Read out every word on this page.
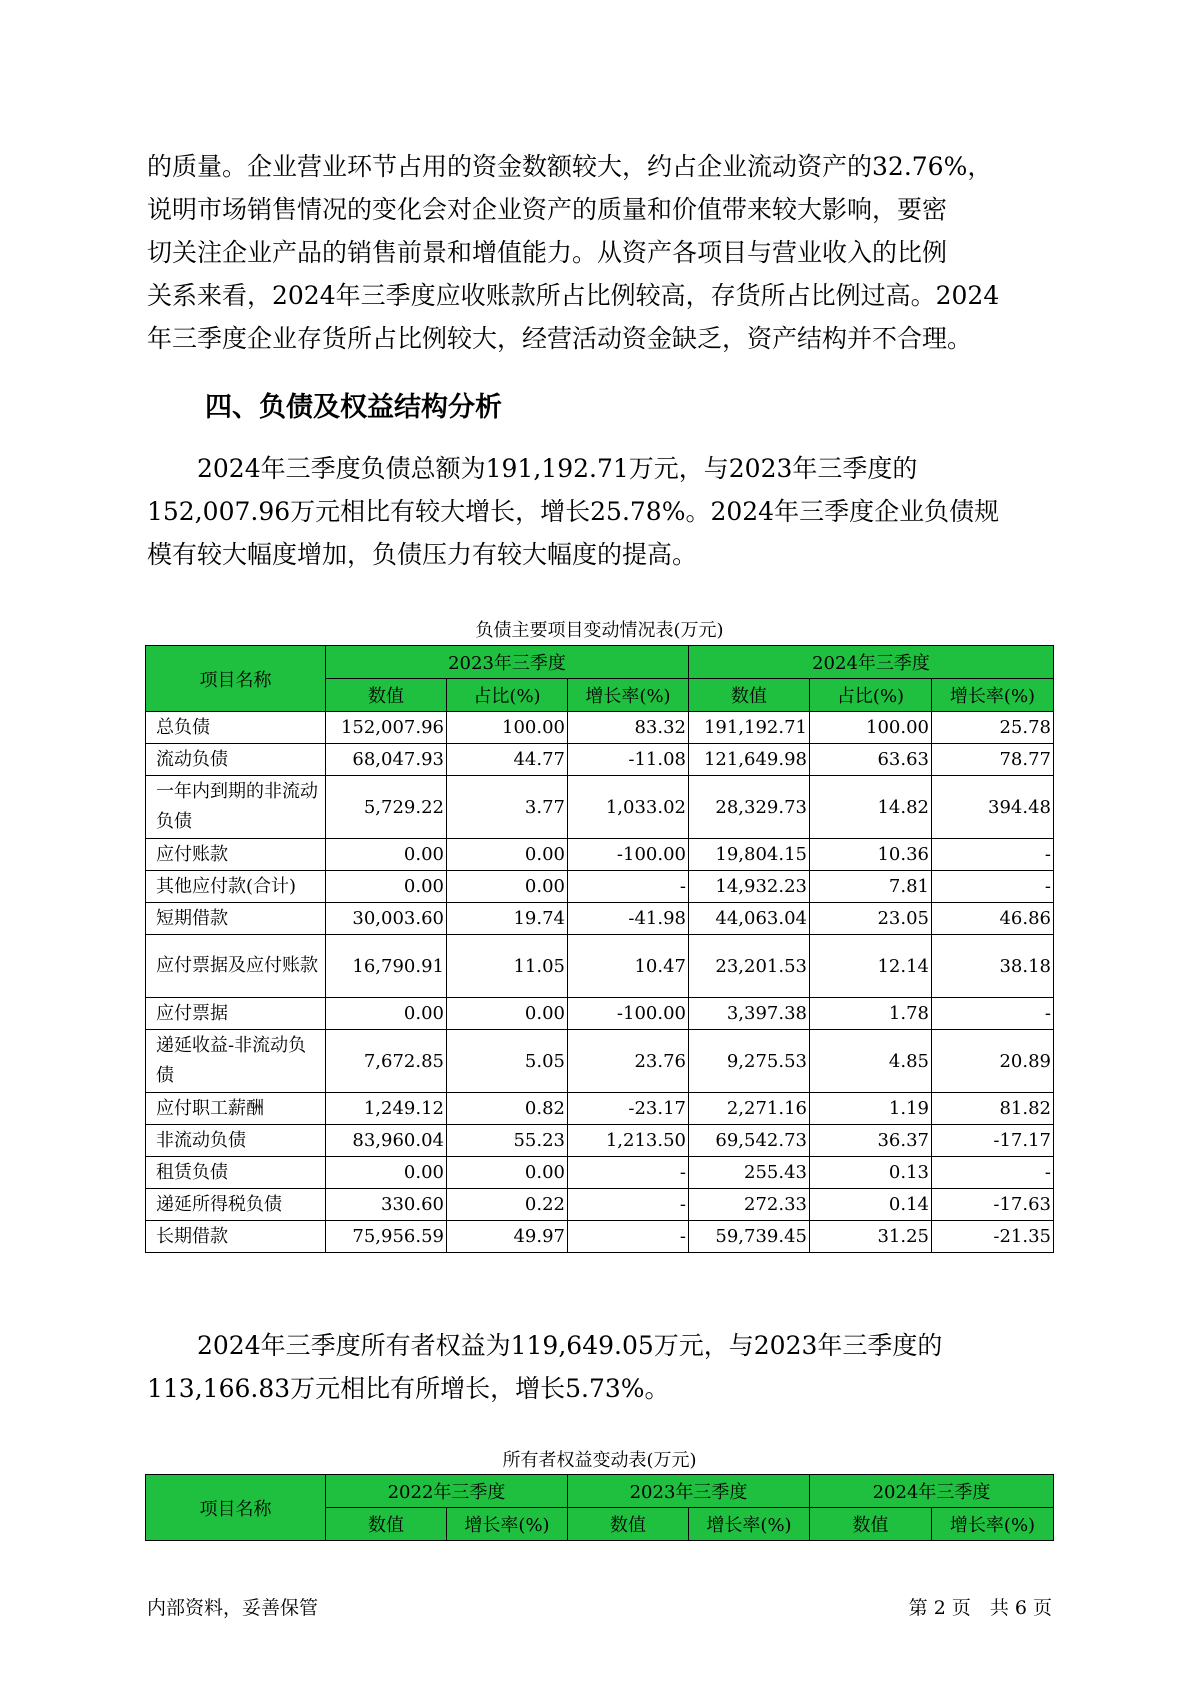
的质量。企业营业环节占用的资金数额较大，约占企业流动资产的32.76%，
说明市场销售情况的变化会对企业资产的质量和价值带来较大影响，要密
切关注企业产品的销售前景和增值能力。从资产各项目与营业收入的比例
关系来看，2024年三季度应收账款所占比例较高，存货所占比例过高。2024
年三季度企业存货所占比例较大，经营活动资金缺乏，资产结构并不合理。

四、负债及权益结构分析

　　2024年三季度负债总额为191,192.71万元，与2023年三季度的
152,007.96万元相比有较大增长，增长25.78%。2024年三季度企业负债规
模有较大幅度增加，负债压力有较大幅度的提高。

负债主要项目变动情况表(万元)

项目名称	2023年三季度			2024年三季度		
	数值	占比(%)	增长率(%)	数值	占比(%)	增长率(%)
总负债	152,007.96	100.00	83.32	191,192.71	100.00	25.78
流动负债	68,047.93	44.77	-11.08	121,649.98	63.63	78.77
一年内到期的非流动负债	5,729.22	3.77	1,033.02	28,329.73	14.82	394.48
应付账款	0.00	0.00	-100.00	19,804.15	10.36	-
其他应付款(合计)	0.00	0.00	-	14,932.23	7.81	-
短期借款	30,003.60	19.74	-41.98	44,063.04	23.05	46.86
应付票据及应付账款	16,790.91	11.05	10.47	23,201.53	12.14	38.18
应付票据	0.00	0.00	-100.00	3,397.38	1.78	-
递延收益-非流动负债	7,672.85	5.05	23.76	9,275.53	4.85	20.89
应付职工薪酬	1,249.12	0.82	-23.17	2,271.16	1.19	81.82
非流动负债	83,960.04	55.23	1,213.50	69,542.73	36.37	-17.17
租赁负债	0.00	0.00	-	255.43	0.13	-
递延所得税负债	330.60	0.22	-	272.33	0.14	-17.63
长期借款	75,956.59	49.97	-	59,739.45	31.25	-21.35

　　2024年三季度所有者权益为119,649.05万元，与2023年三季度的
113,166.83万元相比有所增长，增长5.73%。

所有者权益变动表(万元)

项目名称	2022年三季度		2023年三季度		2024年三季度	
	数值	增长率(%)	数值	增长率(%)	数值	增长率(%)

内部资料，妥善保管	第 2 页　共 6 页
